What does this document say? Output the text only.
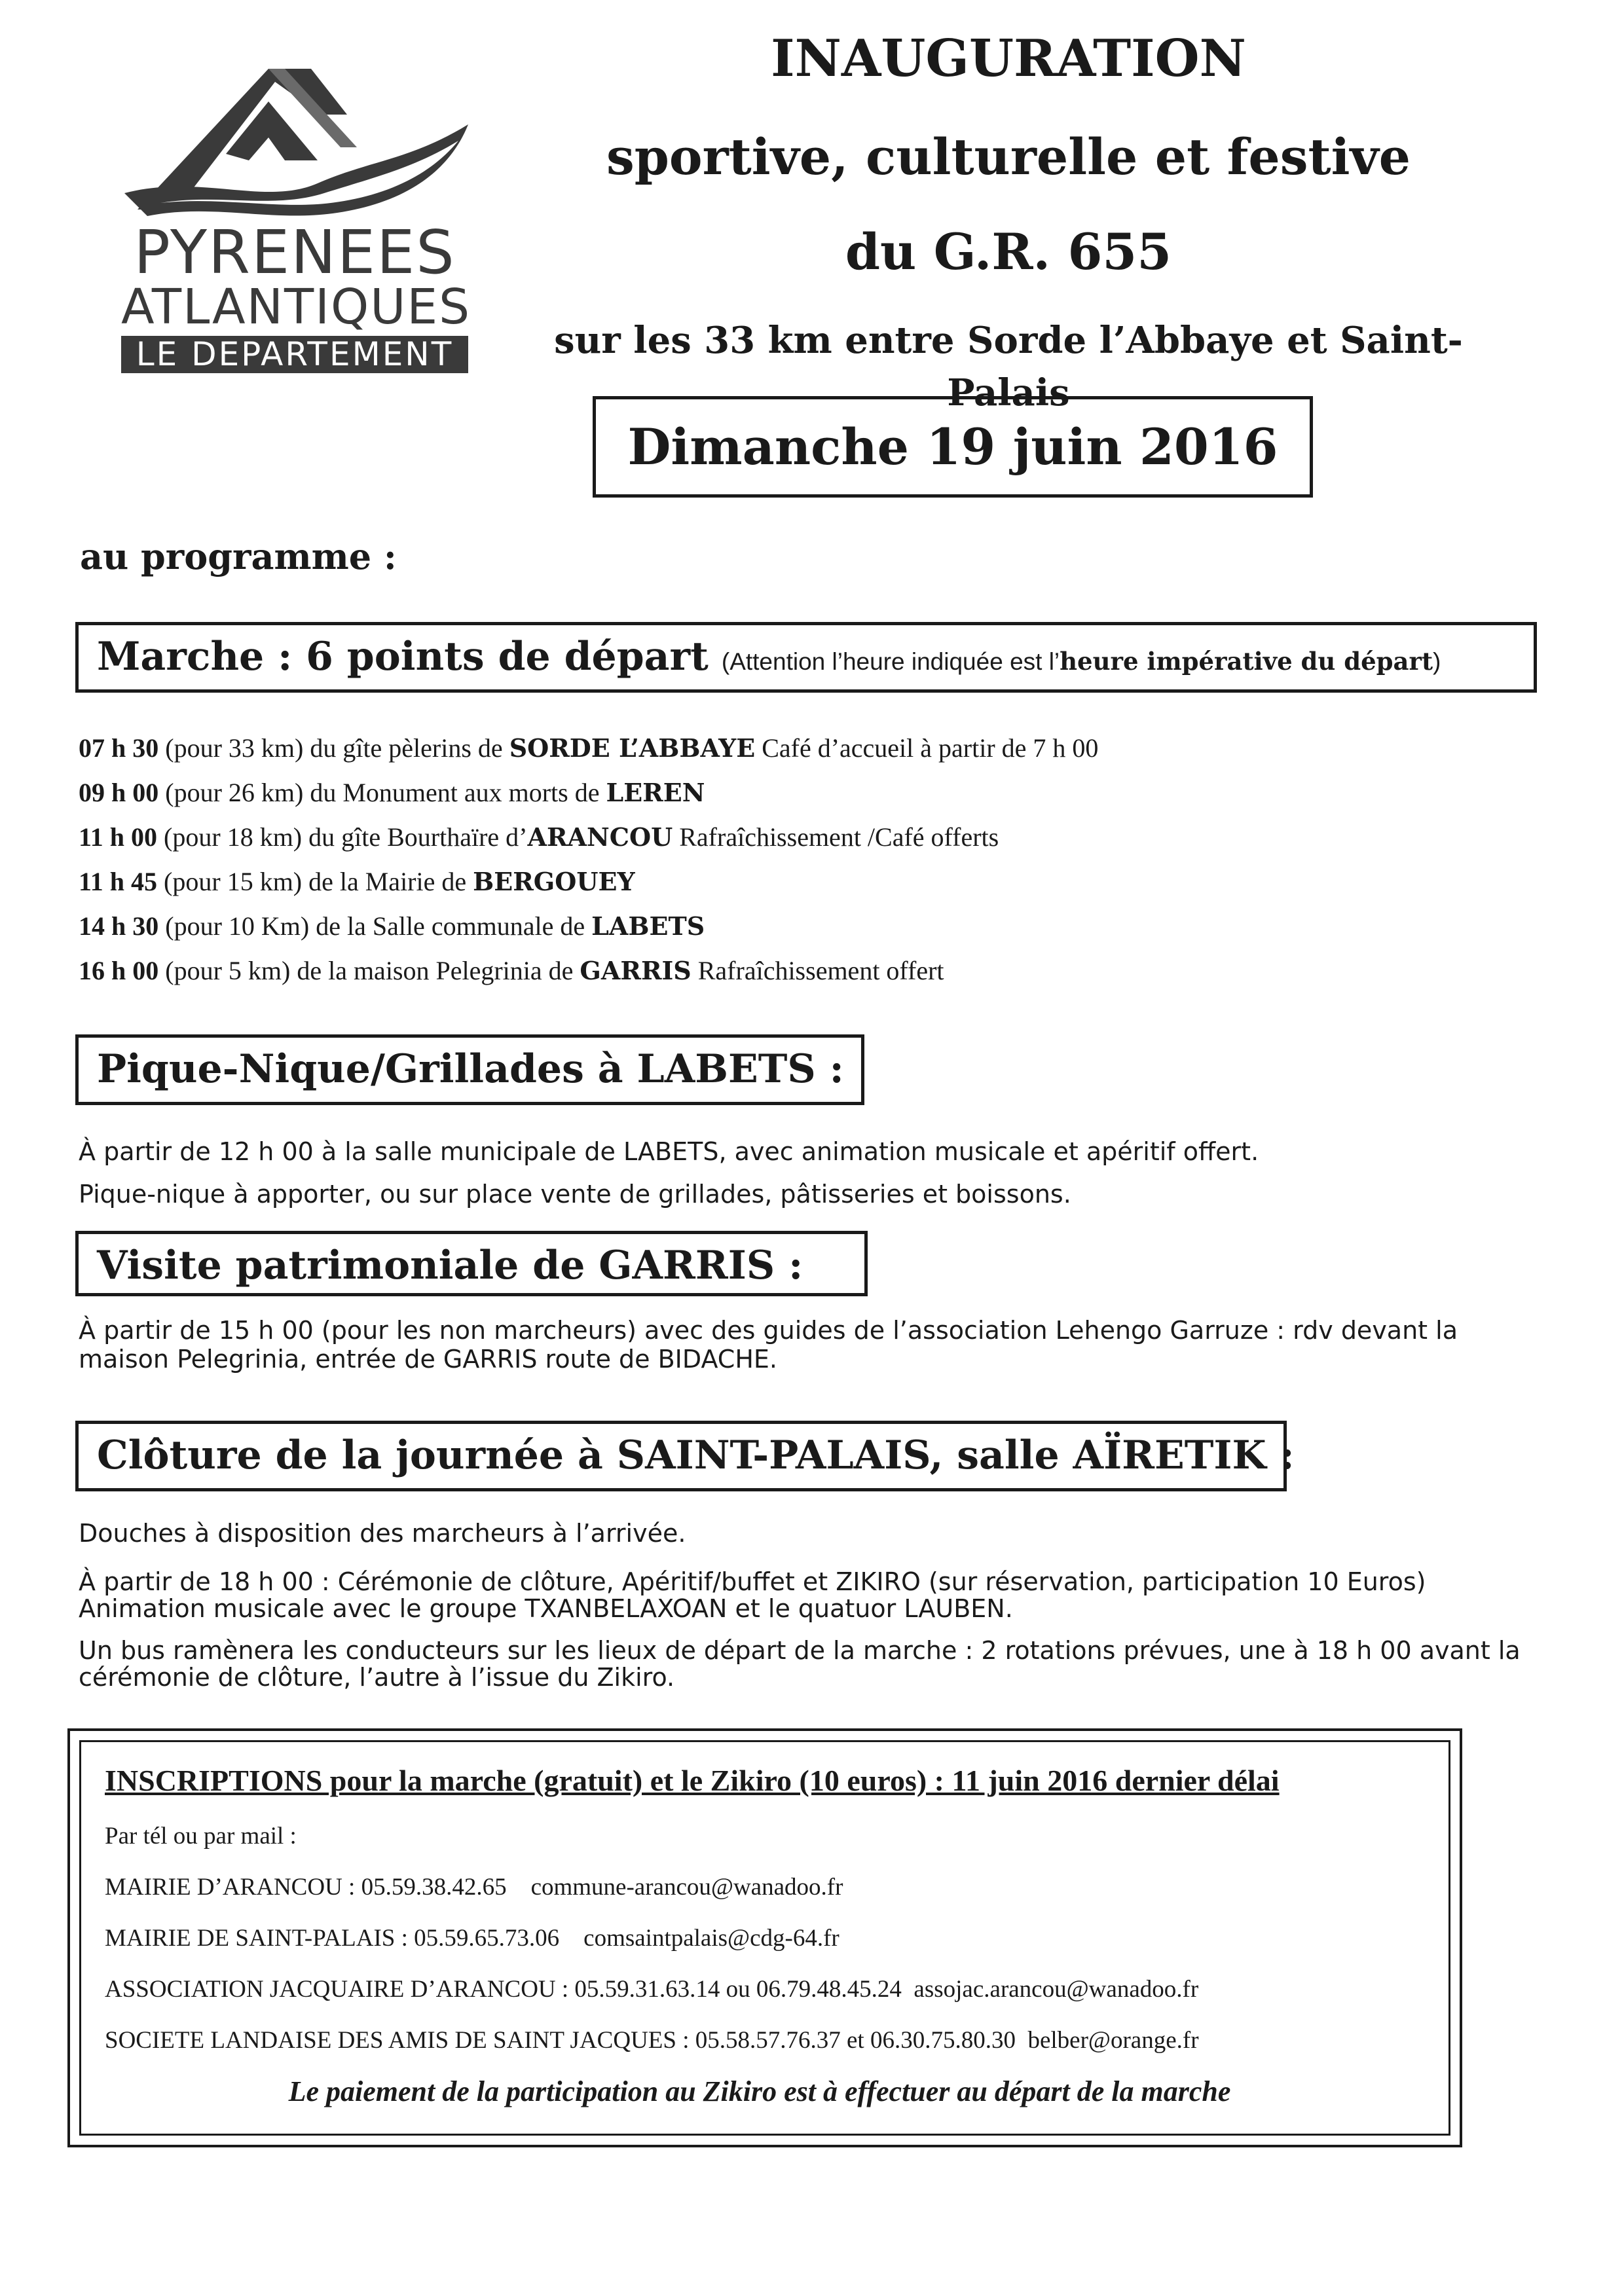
PYRENEES
ATLANTIQUES
LE DEPARTEMENT
INAUGURATION
sportive, culturelle et festive
du G.R. 655
sur les 33 km entre Sorde l’Abbaye et Saint-Palais
Dimanche 19 juin 2016
au programme :
Marche : 6 points de départ (Attention l’heure indiquée est l’heure impérative du départ)
07 h 30 (pour 33 km) du gîte pèlerins de SORDE L’ABBAYE Café d’accueil à partir de 7 h 00
09 h 00 (pour 26 km) du Monument aux morts de LEREN
11 h 00 (pour 18 km) du gîte Bourthaïre d’ARANCOU Rafraîchissement /Café offerts
11 h 45 (pour 15 km) de la Mairie de BERGOUEY
14 h 30 (pour 10 Km) de la Salle communale de LABETS
16 h 00 (pour 5 km) de la maison Pelegrinia de GARRIS Rafraîchissement offert
Pique-Nique/Grillades à LABETS :
À partir de 12 h 00 à la salle municipale de LABETS, avec animation musicale et apéritif offert.
Pique-nique à apporter, ou sur place vente de grillades, pâtisseries et boissons.
Visite patrimoniale de GARRIS :
À partir de 15 h 00 (pour les non marcheurs) avec des guides de l’association Lehengo Garruze : rdv devant la maison Pelegrinia, entrée de GARRIS route de BIDACHE.
Clôture de la journée à SAINT-PALAIS, salle AÏRETIK :
Douches à disposition des marcheurs à l’arrivée.
À partir de 18 h 00 : Cérémonie de clôture, Apéritif/buffet et ZIKIRO (sur réservation, participation 10 Euros)
Animation musicale avec le groupe TXANBELAXOAN et le quatuor LAUBEN.
Un bus ramènera les conducteurs sur les lieux de départ de la marche : 2 rotations prévues, une à 18 h 00 avant la
cérémonie de clôture, l’autre à l’issue du Zikiro.
INSCRIPTIONS pour la marche (gratuit) et le Zikiro (10 euros) : 11 juin 2016 dernier délai
Par tél ou par mail :
MAIRIE D’ARANCOU : 05.59.38.42.65 commune-arancou@wanadoo.fr
MAIRIE DE SAINT-PALAIS : 05.59.65.73.06 comsaintpalais@cdg-64.fr
ASSOCIATION JACQUAIRE D’ARANCOU : 05.59.31.63.14 ou 06.79.48.45.24 assojac.arancou@wanadoo.fr
SOCIETE LANDAISE DES AMIS DE SAINT JACQUES : 05.58.57.76.37 et 06.30.75.80.30 belber@orange.fr
Le paiement de la participation au Zikiro est à effectuer au départ de la marche
